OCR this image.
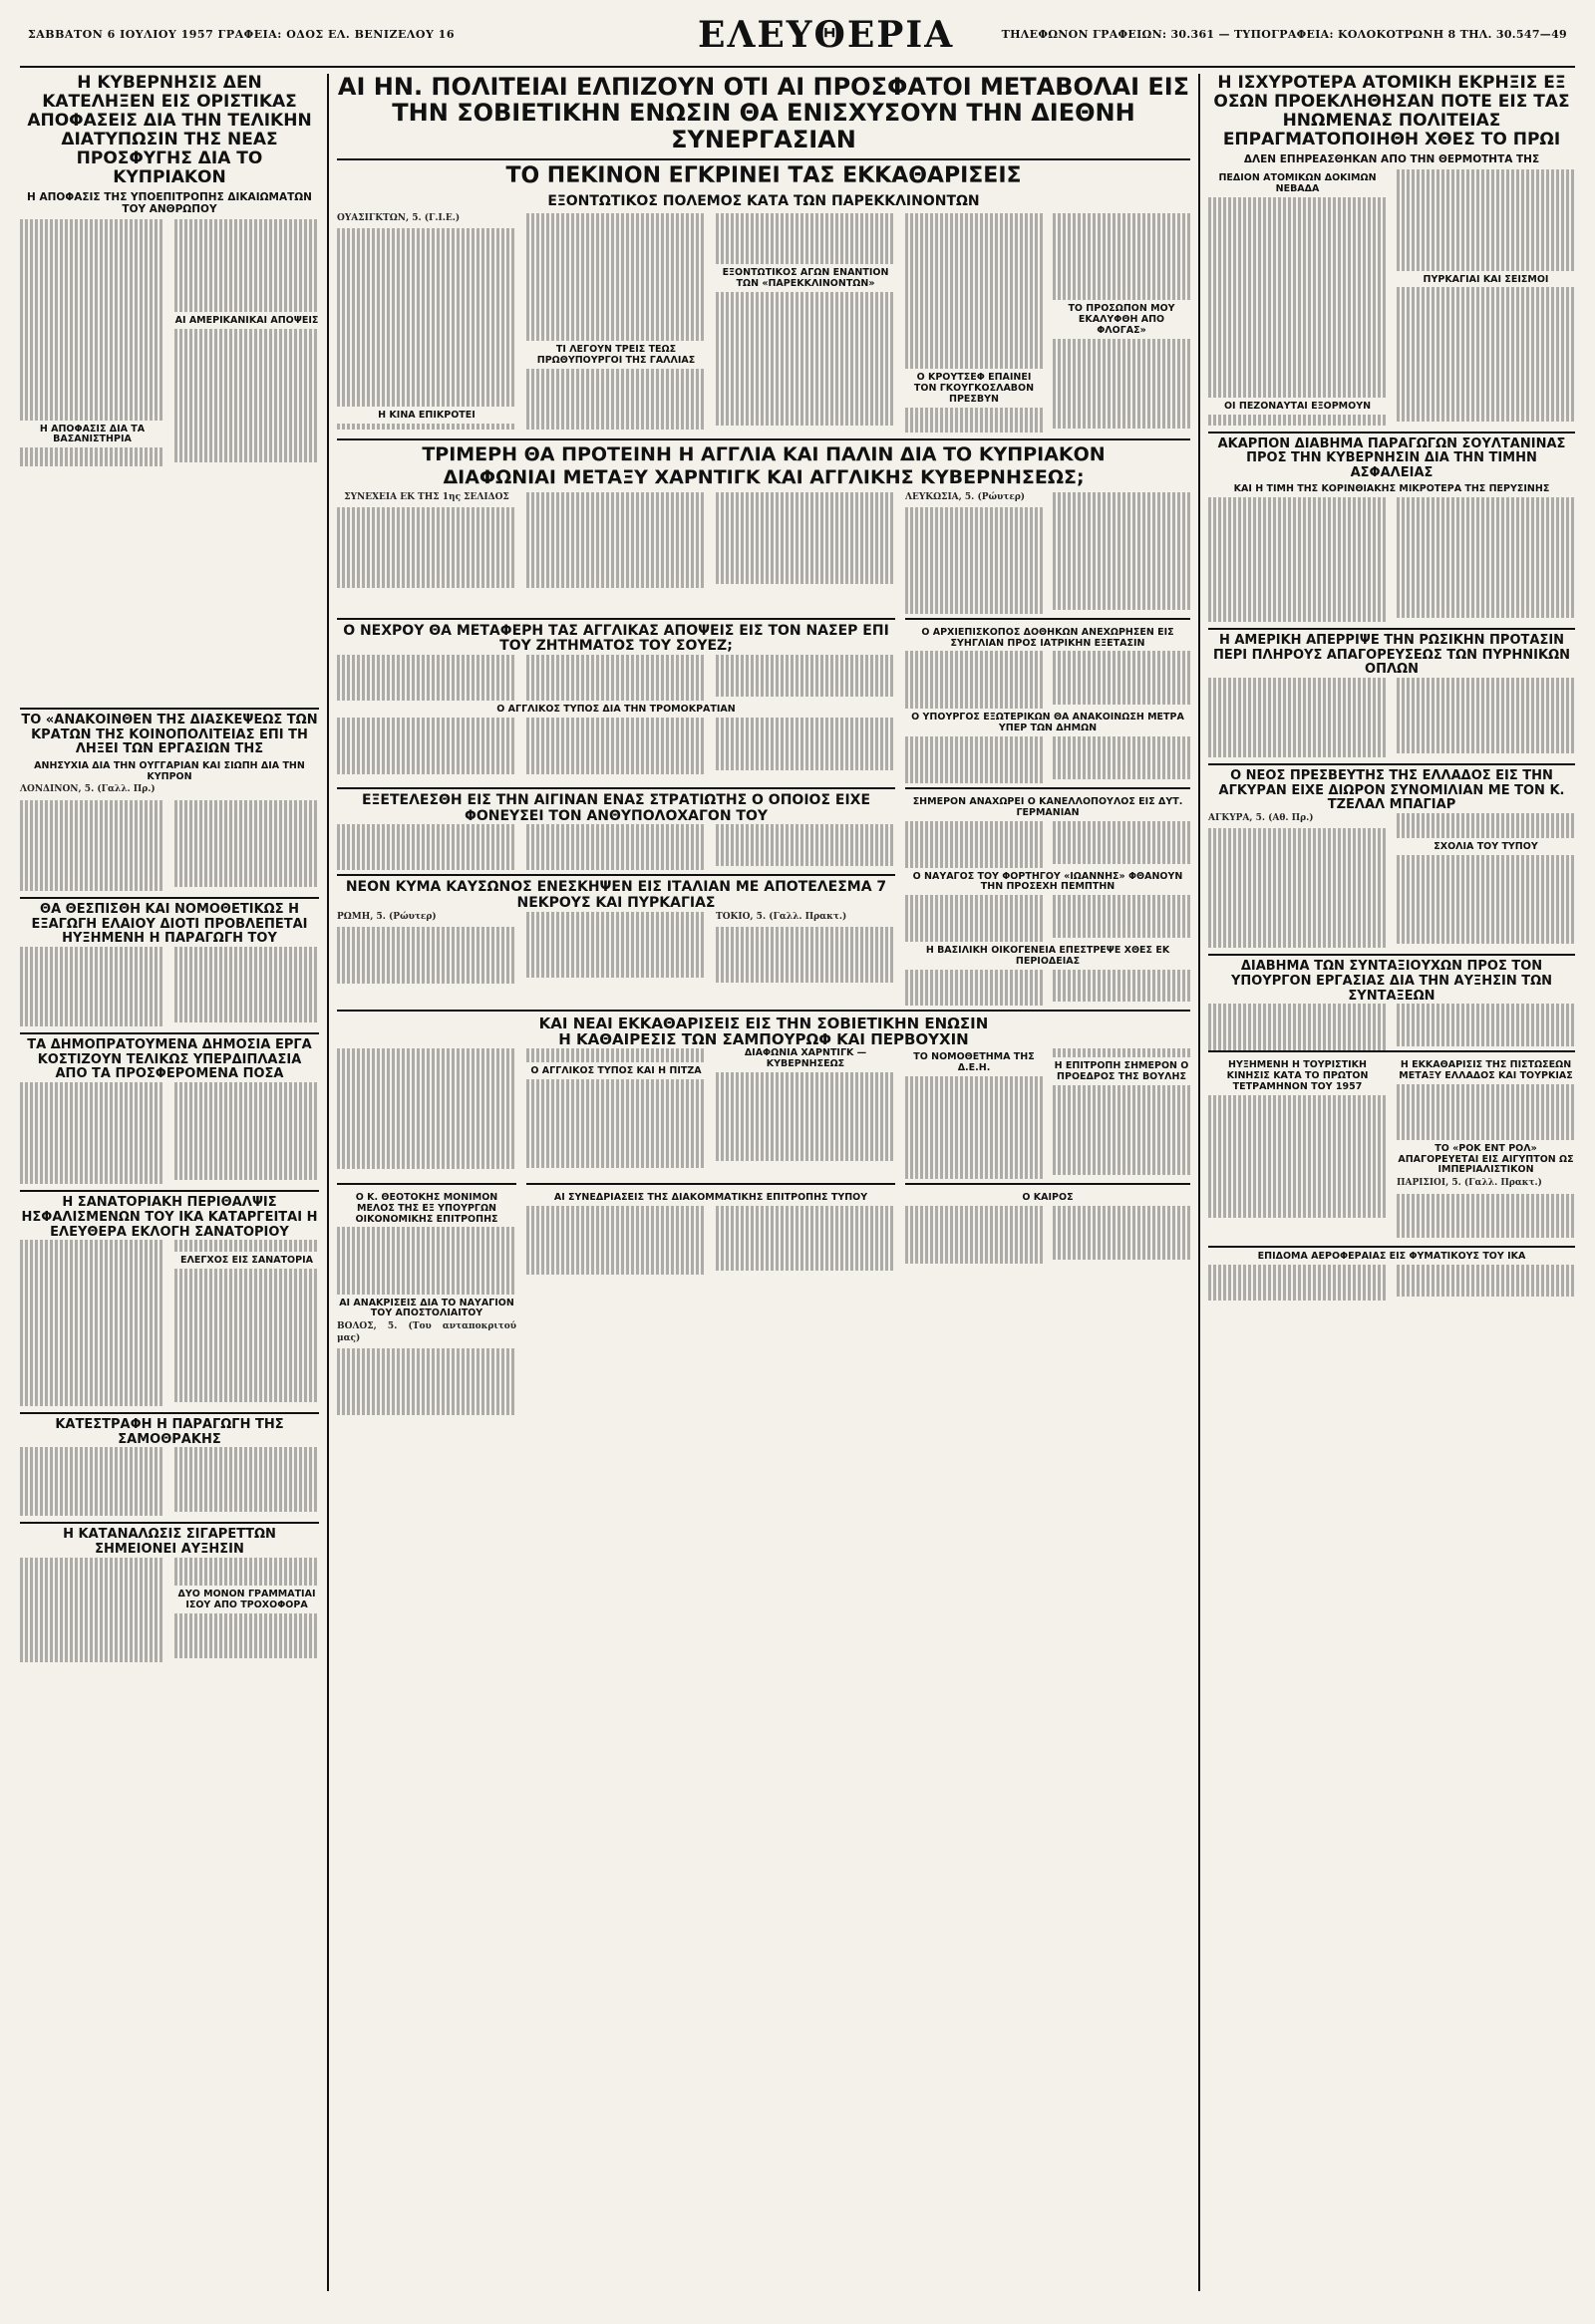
ΣΑΒΒΑΤΟΝ 6 ΙΟΥΛΙΟΥ 1957 ΓΡΑΦΕΙΑ: ΟΔΟΣ ΕΛ. ΒΕΝΙΖΕΛΟΥ 16	ΕΛΕΥΘΕΡΙΑ	ΤΗΛΕΦΩΝΟΝ ΓΡΑΦΕΙΩΝ: 30.361 — ΤΥΠΟΓΡΑΦΕΙΑ: ΚΟΛΟΚΟΤΡΩΝΗ 8 ΤΗΛ. 30.547—49
Η ΚΥΒΕΡΝΗΣΙΣ ΔΕΝ ΚΑΤΕΛΗΞΕΝ ΕΙΣ ΟΡΙΣΤΙΚΑΣ ΑΠΟΦΑΣΕΙΣ ΔΙΑ ΤΗΝ ΤΕΛΙΚΗΝ ΔΙΑΤΥΠΩΣΙΝ ΤΗΣ ΝΕΑΣ ΠΡΟΣΦΥΓΗΣ ΔΙΑ ΤΟ ΚΥΠΡΙΑΚΟΝ
Η ΑΠΟΦΑΣΙΣ ΤΗΣ ΥΠΟΕΠΙΤΡΟΠΗΣ ΔΙΚΑΙΩΜΑΤΩΝ ΤΟΥ ΑΝΘΡΩΠΟΥ
Η ΑΠΟΦΑΣΙΣ ΔΙΑ ΤΑ ΒΑΣΑΝΙΣΤΗΡΙΑ
ΑΙ ΑΜΕΡΙΚΑΝΙΚΑΙ ΑΠΟΨΕΙΣ
ΤΟ «ΑΝΑΚΟΙΝΘΕΝ ΤΗΣ ΔΙΑΣΚΕΨΕΩΣ ΤΩΝ ΚΡΑΤΩΝ ΤΗΣ ΚΟΙΝΟΠΟΛΙΤΕΙΑΣ ΕΠΙ ΤΗ ΛΗΞΕΙ ΤΩΝ ΕΡΓΑΣΙΩΝ ΤΗΣ
ΑΝΗΣΥΧΙΑ ΔΙΑ ΤΗΝ ΟΥΓΓΑΡΙΑΝ ΚΑΙ ΣΙΩΠΗ ΔΙΑ ΤΗΝ ΚΥΠΡΟΝ
ΛΟΝΔΙΝΟΝ, 5. (Γαλλ. Πρ.)
ΘΑ ΘΕΣΠΙΣΘΗ ΚΑΙ ΝΟΜΟΘΕΤΙΚΩΣ Η ΕΞΑΓΩΓΗ ΕΛΑΙΟΥ ΔΙΟΤΙ ΠΡΟΒΛΕΠΕΤΑΙ ΗΥΞΗΜΕΝΗ Η ΠΑΡΑΓΩΓΗ ΤΟΥ
ΤΑ ΔΗΜΟΠΡΑΤΟΥΜΕΝΑ ΔΗΜΟΣΙΑ ΕΡΓΑ ΚΟΣΤΙΖΟΥΝ ΤΕΛΙΚΩΣ ΥΠΕΡΔΙΠΛΑΣΙΑ ΑΠΟ ΤΑ ΠΡΟΣΦΕΡΟΜΕΝΑ ΠΟΣΑ
Η ΣΑΝΑΤΟΡΙΑΚΗ ΠΕΡΙΘΑΛΨΙΣ ΗΣΦΑΛΙΣΜΕΝΩΝ ΤΟΥ ΙΚΑ ΚΑΤΑΡΓΕΙΤΑΙ Η ΕΛΕΥΘΕΡΑ ΕΚΛΟΓΗ ΣΑΝΑΤΟΡΙΟΥ
ΕΛΕΓΧΟΣ ΕΙΣ ΣΑΝΑΤΟΡΙΑ
ΚΑΤΕΣΤΡΑΦΗ Η ΠΑΡΑΓΩΓΗ ΤΗΣ ΣΑΜΟΘΡΑΚΗΣ
Η ΚΑΤΑΝΑΛΩΣΙΣ ΣΙΓΑΡΕΤΤΩΝ ΣΗΜΕΙΟΝΕΙ ΑΥΞΗΣΙΝ
ΔΥΟ ΜΟΝΟΝ ΓΡΑΜΜΑΤΙΑΙ ΙΣΟΥ ΑΠΟ ΤΡΟΧΟΦΟΡΑ
ΑΙ ΗΝ. ΠΟΛΙΤΕΙΑΙ ΕΛΠΙΖΟΥΝ ΟΤΙ ΑΙ ΠΡΟΣΦΑΤΟΙ ΜΕΤΑΒΟΛΑΙ ΕΙΣ ΤΗΝ ΣΟΒΙΕΤΙΚΗΝ ΕΝΩΣΙΝ ΘΑ ΕΝΙΣΧΥΣΟΥΝ ΤΗΝ ΔΙΕΘΝΗ ΣΥΝΕΡΓΑΣΙΑΝ
ΤΟ ΠΕΚΙΝΟΝ ΕΓΚΡΙΝΕΙ ΤΑΣ ΕΚΚΑΘΑΡΙΣΕΙΣ
ΕΞΟΝΤΩΤΙΚΟΣ ΠΟΛΕΜΟΣ ΚΑΤΑ ΤΩΝ ΠΑΡΕΚΚΛΙΝΟΝΤΩΝ
ΟΥΑΣΙΓΚΤΩΝ, 5. (Γ.Ι.Ε.)
Η ΚΙΝΑ ΕΠΙΚΡΟΤΕΙ
ΤΙ ΛΕΓΟΥΝ ΤΡΕΙΣ ΤΕΩΣ ΠΡΩΘΥΠΟΥΡΓΟΙ ΤΗΣ ΓΑΛΛΙΑΣ
ΕΞΟΝΤΩΤΙΚΟΣ ΑΓΩΝ ΕΝΑΝΤΙΟΝ ΤΩΝ «ΠΑΡΕΚΚΛΙΝΟΝΤΩΝ»
Ο ΚΡΟΥΤΣΕΦ ΕΠΑΙΝΕΙ ΤΟΝ ΓΚΟΥΓΚΟΣΛΑΒΟΝ ΠΡΕΣΒΥΝ
ΤΟ ΠΡΟΣΩΠΟΝ ΜΟΥ ΕΚΑΛΥΦΘΗ ΑΠΟ ΦΛΟΓΑΣ»
ΤΡΙΜΕΡΗ ΘΑ ΠΡΟΤΕΙΝΗ Η ΑΓΓΛΙΑ ΚΑΙ ΠΑΛΙΝ ΔΙΑ ΤΟ ΚΥΠΡΙΑΚΟΝ
ΔΙΑΦΩΝΙΑΙ ΜΕΤΑΞΥ ΧΑΡΝΤΙΓΚ ΚΑΙ ΑΓΓΛΙΚΗΣ ΚΥΒΕΡΝΗΣΕΩΣ;
ΣΥΝΕΧΕΙΑ ΕΚ ΤΗΣ 1ης ΣΕΛΙΔΟΣ	ΛΕΥΚΩΣΙΑ, 5. (Ρώυτερ)
Ο ΝΕΧΡΟΥ ΘΑ ΜΕΤΑΦΕΡΗ ΤΑΣ ΑΓΓΛΙΚΑΣ ΑΠΟΨΕΙΣ ΕΙΣ ΤΟΝ ΝΑΣΕΡ ΕΠΙ ΤΟΥ ΖΗΤΗΜΑΤΟΣ ΤΟΥ ΣΟΥΕΖ;
Ο ΑΓΓΛΙΚΟΣ ΤΥΠΟΣ ΔΙΑ ΤΗΝ ΤΡΟΜΟΚΡΑΤΙΑΝ
Ο ΑΡΧΙΕΠΙΣΚΟΠΟΣ ΔΟΘΗΚΩΝ ΑΝΕΧΩΡΗΣΕΝ ΕΙΣ ΣΥΗΓΛΙΑΝ ΠΡΟΣ ΙΑΤΡΙΚΗΝ ΕΞΕΤΑΣΙΝ
Ο ΥΠΟΥΡΓΟΣ ΕΞΩΤΕΡΙΚΩΝ ΘΑ ΑΝΑΚΟΙΝΩΣΗ ΜΕΤΡΑ ΥΠΕΡ ΤΩΝ ΔΗΜΩΝ
ΕΞΕΤΕΛΕΣΘΗ ΕΙΣ ΤΗΝ ΑΙΓΙΝΑΝ ΕΝΑΣ ΣΤΡΑΤΙΩΤΗΣ Ο ΟΠΟΙΟΣ ΕΙΧΕ ΦΟΝΕΥΣΕΙ ΤΟΝ ΑΝΘΥΠΟΛΟΧΑΓΟΝ ΤΟΥ
ΝΕΟΝ ΚΥΜΑ ΚΑΥΣΩΝΟΣ ΕΝΕΣΚΗΨΕΝ ΕΙΣ ΙΤΑΛΙΑΝ ΜΕ ΑΠΟΤΕΛΕΣΜΑ 7 ΝΕΚΡΟΥΣ ΚΑΙ ΠΥΡΚΑΓΙΑΣ
ΡΩΜΗ, 5. (Ρώυτερ)	ΤΟΚΙΟ, 5. (Γαλλ. Πρακτ.)
ΣΗΜΕΡΟΝ ΑΝΑΧΩΡΕΙ Ο ΚΑΝΕΛΛΟΠΟΥΛΟΣ ΕΙΣ ΔΥΤ. ΓΕΡΜΑΝΙΑΝ
Ο ΝΑΥΑΓΟΣ ΤΟΥ ΦΟΡΤΗΓΟΥ «ΙΩΑΝΝΗΣ» ΦΘΑΝΟΥΝ ΤΗΝ ΠΡΟΣΕΧΗ ΠΕΜΠΤΗΝ
Η ΒΑΣΙΛΙΚΗ ΟΙΚΟΓΕΝΕΙΑ ΕΠΕΣΤΡΕΨΕ ΧΘΕΣ ΕΚ ΠΕΡΙΟΔΕΙΑΣ
ΚΑΙ ΝΕΑΙ ΕΚΚΑΘΑΡΙΣΕΙΣ ΕΙΣ ΤΗΝ ΣΟΒΙΕΤΙΚΗΝ ΕΝΩΣΙΝ
Η ΚΑΘΑΙΡΕΣΙΣ ΤΩΝ ΣΑΜΠΟΥΡΩΦ ΚΑΙ ΠΕΡΒΟΥΧΙΝ
Ο ΑΓΓΛΙΚΟΣ ΤΥΠΟΣ ΚΑΙ Η ΠΙΤΖΑ
ΔΙΑΦΩΝΙΑ ΧΑΡΝΤΙΓΚ — ΚΥΒΕΡΝΗΣΕΩΣ
ΤΟ ΝΟΜΟΘΕΤΗΜΑ ΤΗΣ Δ.Ε.Η.	Η ΕΠΙΤΡΟΠΗ ΣΗΜΕΡΟΝ Ο ΠΡΟΕΔΡΟΣ ΤΗΣ ΒΟΥΛΗΣ
Ο Κ. ΘΕΟΤΟΚΗΣ ΜΟΝΙΜΟΝ ΜΕΛΟΣ ΤΗΣ ΕΞ ΥΠΟΥΡΓΩΝ ΟΙΚΟΝΟΜΙΚΗΣ ΕΠΙΤΡΟΠΗΣ
ΑΙ ΑΝΑΚΡΙΣΕΙΣ ΔΙΑ ΤΟ ΝΑΥΑΓΙΟΝ ΤΟΥ ΑΠΟΣΤΟΛΙΑΙΤΟΥ
ΒΟΛΟΣ, 5. (Του ανταποκριτού μας)
ΑΙ ΣΥΝΕΔΡΙΑΣΕΙΣ ΤΗΣ ΔΙΑΚΟΜΜΑΤΙΚΗΣ ΕΠΙΤΡΟΠΗΣ ΤΥΠΟΥ	Ο ΚΑΙΡΟΣ
Η ΙΣΧΥΡΟΤΕΡΑ ΑΤΟΜΙΚΗ ΕΚΡΗΞΙΣ ΕΞ ΟΣΩΝ ΠΡΟΕΚΛΗΘΗΣΑΝ ΠΟΤΕ ΕΙΣ ΤΑΣ ΗΝΩΜΕΝΑΣ ΠΟΛΙΤΕΙΑΣ ΕΠΡΑΓΜΑΤΟΠΟΙΗΘΗ ΧΘΕΣ ΤΟ ΠΡΩΙ
ΔΛΕΝ ΕΠΗΡΕΑΣΘΗΚΑΝ ΑΠΟ ΤΗΝ ΘΕΡΜΟΤΗΤΑ ΤΗΣ
ΠΕΔΙΟΝ ΑΤΟΜΙΚΩΝ ΔΟΚΙΜΩΝ ΝΕΒΑΔΑ
ΟΙ ΠΕΖΟΝΑΥΤΑΙ ΕΞΟΡΜΟΥΝ
ΠΥΡΚΑΓΙΑΙ ΚΑΙ ΣΕΙΣΜΟΙ
ΑΚΑΡΠΟΝ ΔΙΑΒΗΜΑ ΠΑΡΑΓΩΓΩΝ ΣΟΥΛΤΑΝΙΝΑΣ ΠΡΟΣ ΤΗΝ ΚΥΒΕΡΝΗΣΙΝ ΔΙΑ ΤΗΝ ΤΙΜΗΝ ΑΣΦΑΛΕΙΑΣ
ΚΑΙ Η ΤΙΜΗ ΤΗΣ ΚΟΡΙΝΘΙΑΚΗΣ ΜΙΚΡΟΤΕΡΑ ΤΗΣ ΠΕΡΥΣΙΝΗΣ
Η ΑΜΕΡΙΚΗ ΑΠΕΡΡΙΨΕ ΤΗΝ ΡΩΣΙΚΗΝ ΠΡΟΤΑΣΙΝ ΠΕΡΙ ΠΛΗΡΟΥΣ ΑΠΑΓΟΡΕΥΣΕΩΣ ΤΩΝ ΠΥΡΗΝΙΚΩΝ ΟΠΛΩΝ
Ο ΝΕΟΣ ΠΡΕΣΒΕΥΤΗΣ ΤΗΣ ΕΛΛΑΔΟΣ ΕΙΣ ΤΗΝ ΑΓΚΥΡΑΝ ΕΙΧΕ ΔΙΩΡΟΝ ΣΥΝΟΜΙΛΙΑΝ ΜΕ ΤΟΝ Κ. ΤΖΕΛΑΛ ΜΠΑΓΙΑΡ
ΑΓΚΥΡΑ, 5. (Αθ. Πρ.)
ΣΧΟΛΙΑ ΤΟΥ ΤΥΠΟΥ
ΔΙΑΒΗΜΑ ΤΩΝ ΣΥΝΤΑΞΙΟΥΧΩΝ ΠΡΟΣ ΤΟΝ ΥΠΟΥΡΓΟΝ ΕΡΓΑΣΙΑΣ ΔΙΑ ΤΗΝ ΑΥΞΗΣΙΝ ΤΩΝ ΣΥΝΤΑΞΕΩΝ
ΗΥΞΗΜΕΝΗ Η ΤΟΥΡΙΣΤΙΚΗ ΚΙΝΗΣΙΣ ΚΑΤΑ ΤΟ ΠΡΩΤΟΝ ΤΕΤΡΑΜΗΝΟΝ ΤΟΥ 1957
Η ΕΚΚΑΘΑΡΙΣΙΣ ΤΗΣ ΠΙΣΤΩΣΕΩΝ ΜΕΤΑΞΥ ΕΛΛΑΔΟΣ ΚΑΙ ΤΟΥΡΚΙΑΣ
ΤΟ «ΡΟΚ ΕΝΤ ΡΟΛ» ΑΠΑΓΟΡΕΥΕΤΑΙ ΕΙΣ ΑΙΓΥΠΤΟΝ ΩΣ ΙΜΠΕΡΙΑΛΙΣΤΙΚΟΝ
ΠΑΡΙΣΙΟΙ, 5. (Γαλλ. Πρακτ.)
ΕΠΙΔΟΜΑ ΑΕΡΟΦΕΡΑΙΑΣ ΕΙΣ ΦΥΜΑΤΙΚΟΥΣ ΤΟΥ ΙΚΑ
